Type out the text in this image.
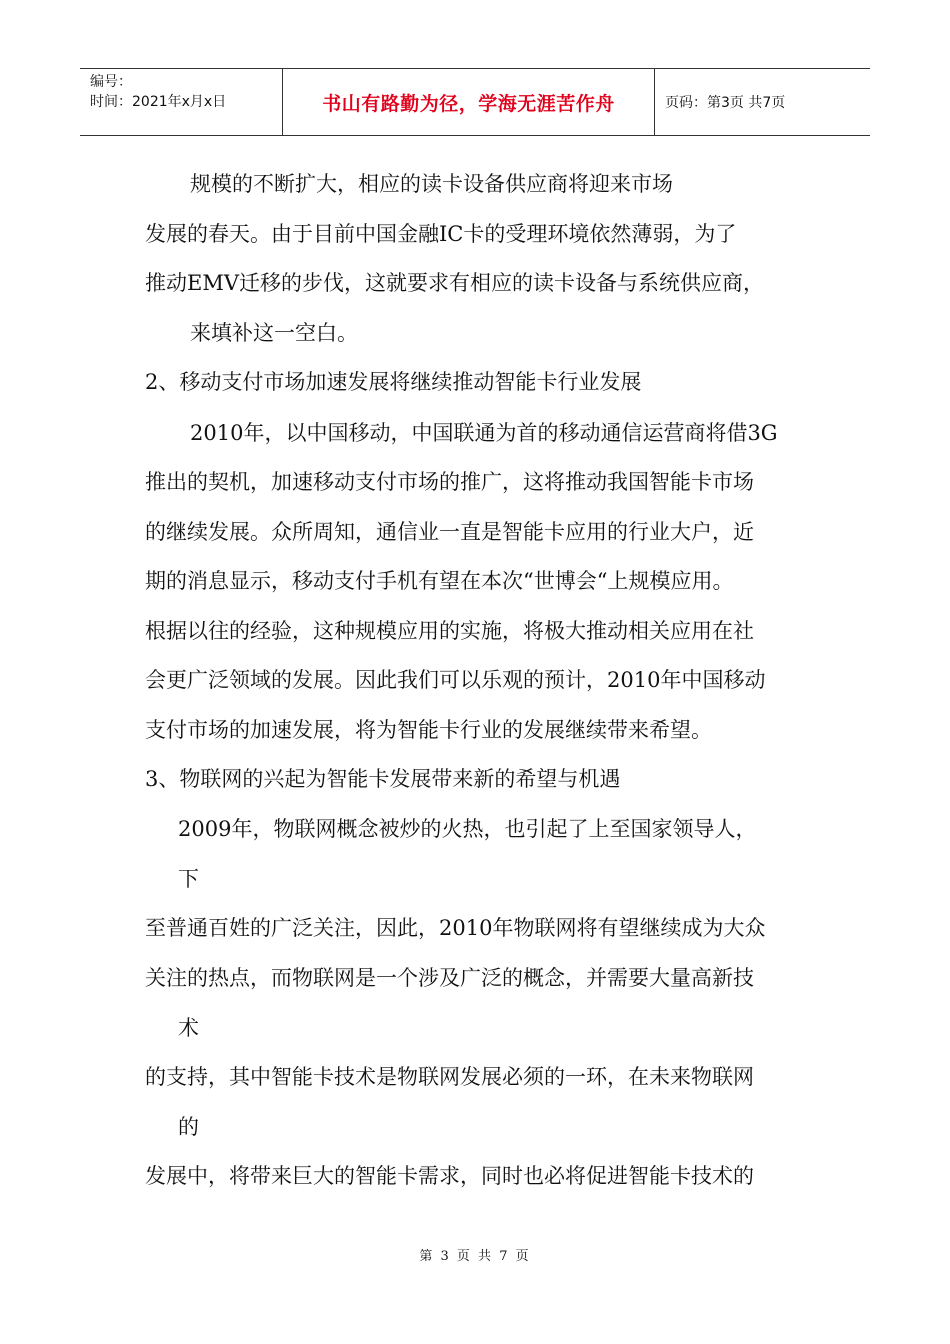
编号：
时间：2021年x月x日	书山有路勤为径，学海无涯苦作舟	页码：第3页 共7页
规模的不断扩大，相应的读卡设备供应商将迎来市场
发展的春天。由于目前中国金融IC卡的受理环境依然薄弱，为了
推动EMV迁移的步伐，这就要求有相应的读卡设备与系统供应商，
来填补这一空白。
2、移动支付市场加速发展将继续推动智能卡行业发展
2010年，以中国移动，中国联通为首的移动通信运营商将借3G
推出的契机，加速移动支付市场的推广，这将推动我国智能卡市场
的继续发展。众所周知，通信业一直是智能卡应用的行业大户，近
期的消息显示，移动支付手机有望在本次“世博会“上规模应用。
根据以往的经验，这种规模应用的实施，将极大推动相关应用在社
会更广泛领域的发展。因此我们可以乐观的预计，2010年中国移动
支付市场的加速发展，将为智能卡行业的发展继续带来希望。
3、物联网的兴起为智能卡发展带来新的希望与机遇
2009年，物联网概念被炒的火热，也引起了上至国家领导人，
下
至普通百姓的广泛关注，因此，2010年物联网将有望继续成为大众
关注的热点，而物联网是一个涉及广泛的概念，并需要大量高新技
术
的支持，其中智能卡技术是物联网发展必须的一环，在未来物联网
的
发展中，将带来巨大的智能卡需求，同时也必将促进智能卡技术的
第 3 页 共 7 页
